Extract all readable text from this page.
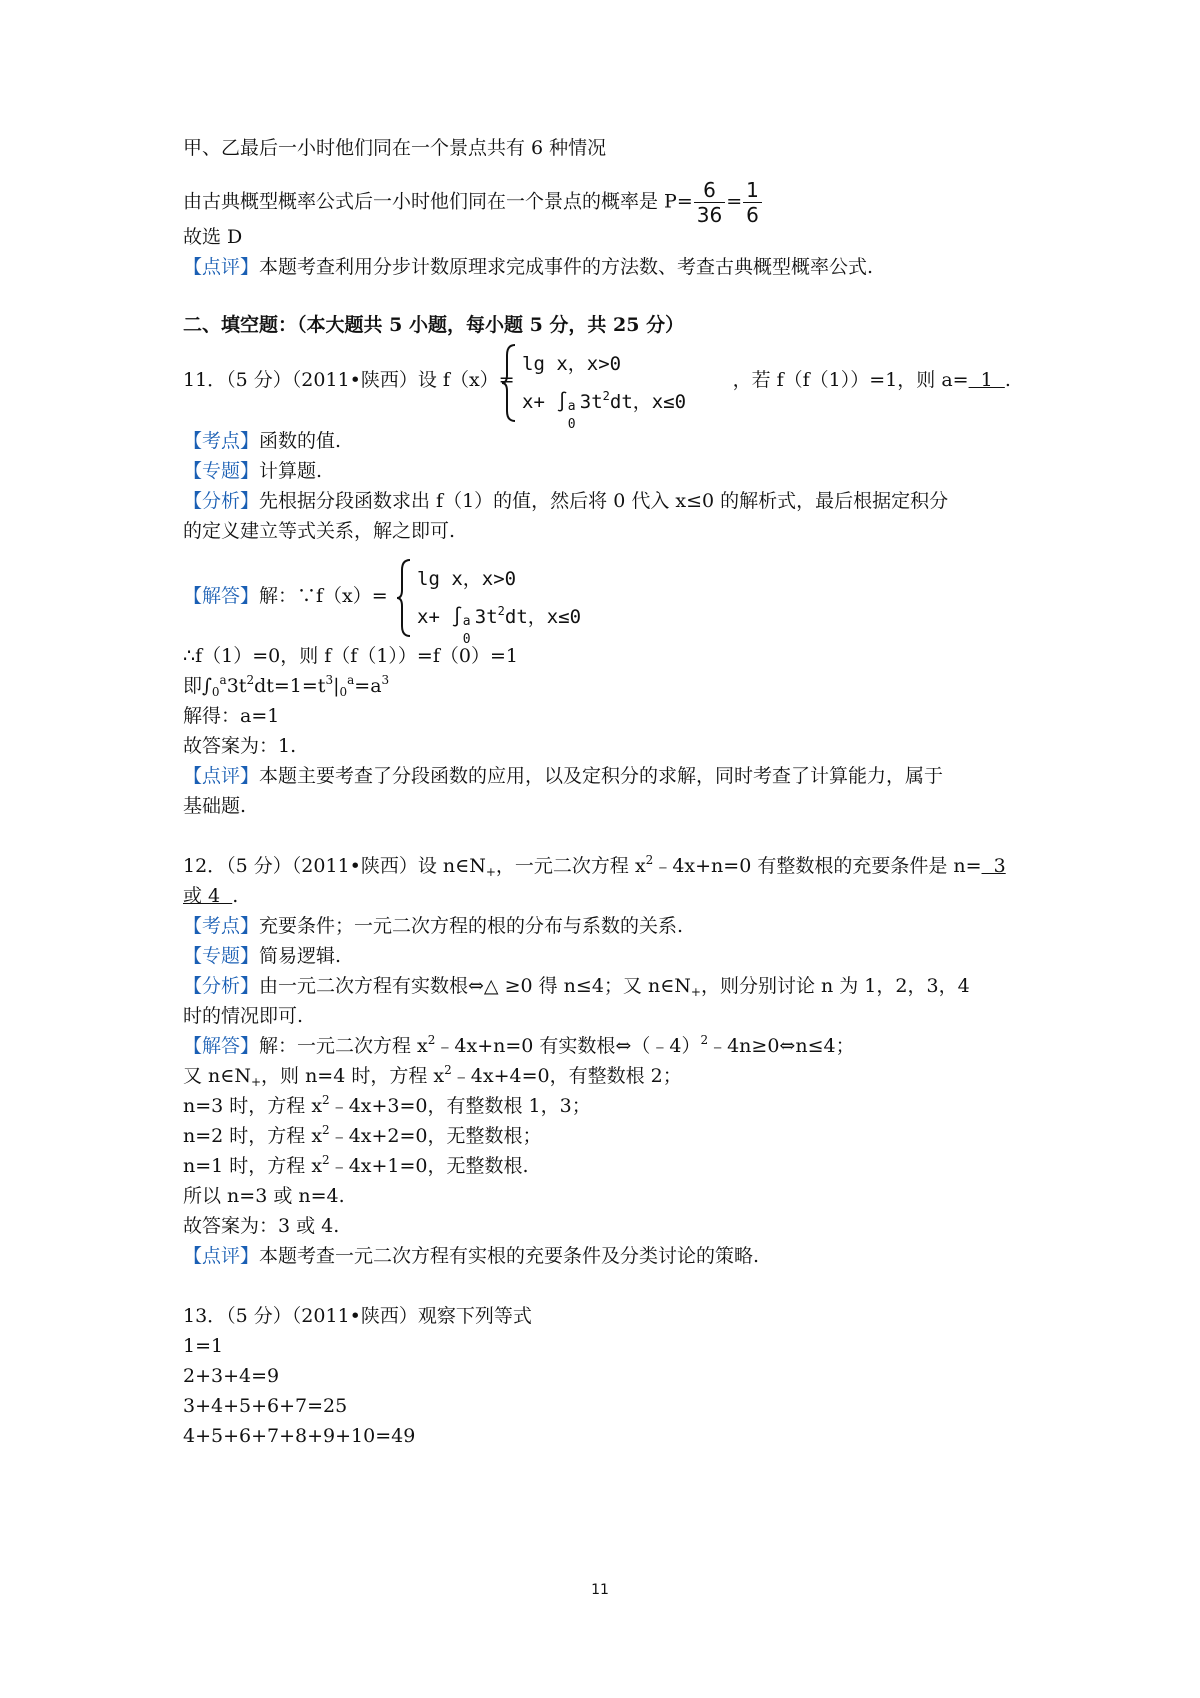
甲、乙最后一小时他们同在一个景点共有 6 种情况
由古典概型概率公式后一小时他们同在一个景点的概率是 $P= \frac{6}{36} = \frac{1}{6}$
故选 D
【点评】本题考查利用分步计数原理求完成事件的方法数、考查古典概型概率公式.
二、填空题：（本大题共 5 小题，每小题 5 分，共 25 分）
11．（5 分）（2011•陕西）设 f（x）=	，若 f（f（1））=1，则 a=  1  .
lg x，x>0
x+ ∫ a
0
$3t^2dt$，x≤0
【考点】函数的值.
【专题】计算题.
【分析】先根据分段函数求出 f（1）的值，然后将 0 代入 x≤0 的解析式，最后根据定积分
的定义建立等式关系，解之即可.
【解答】解：∵f（x）=
lg x，x>0
x+ ∫ a
0
$3t^2dt$，x≤0
∴f（1）=0，则 f（f（1））=f（0）=1
即$\int_0^a3t^2dt=1=t^3|_0^a=a^3$
解得：a=1
故答案为：1.
【点评】本题主要考查了分段函数的应用，以及定积分的求解，同时考查了计算能力，属于
基础题.
12．（5 分）（2011•陕西）设 $n\in N_+$，一元二次方程 $x^2﹣4x+n=0$ 有整数根的充要条件是 n=  3
或 4  .
【考点】充要条件；一元二次方程的根的分布与系数的关系.
【专题】简易逻辑.
【分析】由一元二次方程有实数根⇔△ ≥0 得 n≤4；又 $n\in N_+$，则分别讨论 n 为 1，2，3，4
时的情况即可.
【解答】解：一元二次方程 $x^2﹣4x+n=0$ 有实数根⇔（﹣4）$^2$﹣4n≥0⇔n≤4；
又 $n\in N_+$，则 n=4 时，方程 $x^2﹣4x+4=0$，有整数根 2；
n=3 时，方程 $x^2﹣4x+3=0$，有整数根 1，3；
n=2 时，方程 $x^2﹣4x+2=0$，无整数根；
n=1 时，方程 $x^2﹣4x+1=0$，无整数根.
所以 n=3 或 n=4.
故答案为：3 或 4.
【点评】本题考查一元二次方程有实根的充要条件及分类讨论的策略.
13．（5 分）（2011•陕西）观察下列等式
1=1
2+3+4=9
3+4+5+6+7=25
4+5+6+7+8+9+10=49
11
